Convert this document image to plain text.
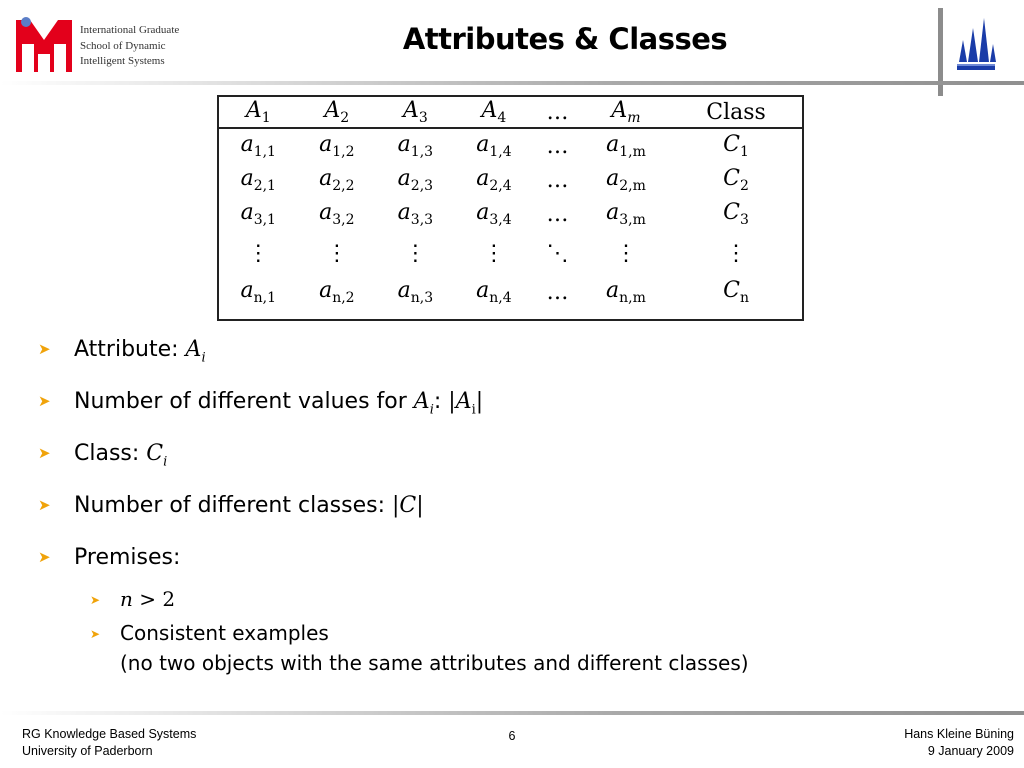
International Graduate
School of Dynamic
Intelligent Systems
Attributes & Classes
$A_1$	$A_2$	$A_3$	$A_4$	…	$A_m$	Class
$a_{1,1}$	$a_{1,2}$	$a_{1,3}$	$a_{1,4}$	…	$a_{1,m}$	$C_1$
$a_{2,1}$	$a_{2,2}$	$a_{2,3}$	$a_{2,4}$	…	$a_{2,m}$	$C_2$
$a_{3,1}$	$a_{3,2}$	$a_{3,3}$	$a_{3,4}$	…	$a_{3,m}$	$C_3$
⋮	⋮	⋮	⋮	⋱	⋮	⋮
$a_{n,1}$	$a_{n,2}$	$a_{n,3}$	$a_{n,4}$	…	$a_{n,m}$	$C_n$
➤ Attribute: $A_i$
➤ Number of different values for $A_i$: $|A_i|$
➤ Class: $C_i$
➤ Number of different classes: |C|
➤ Premises:
➤ n > 2
➤ Consistent examples
(no two objects with the same attributes and different classes)
RG Knowledge Based Systems
University of Paderborn
6	Hans Kleine Büning
9 January 2009
